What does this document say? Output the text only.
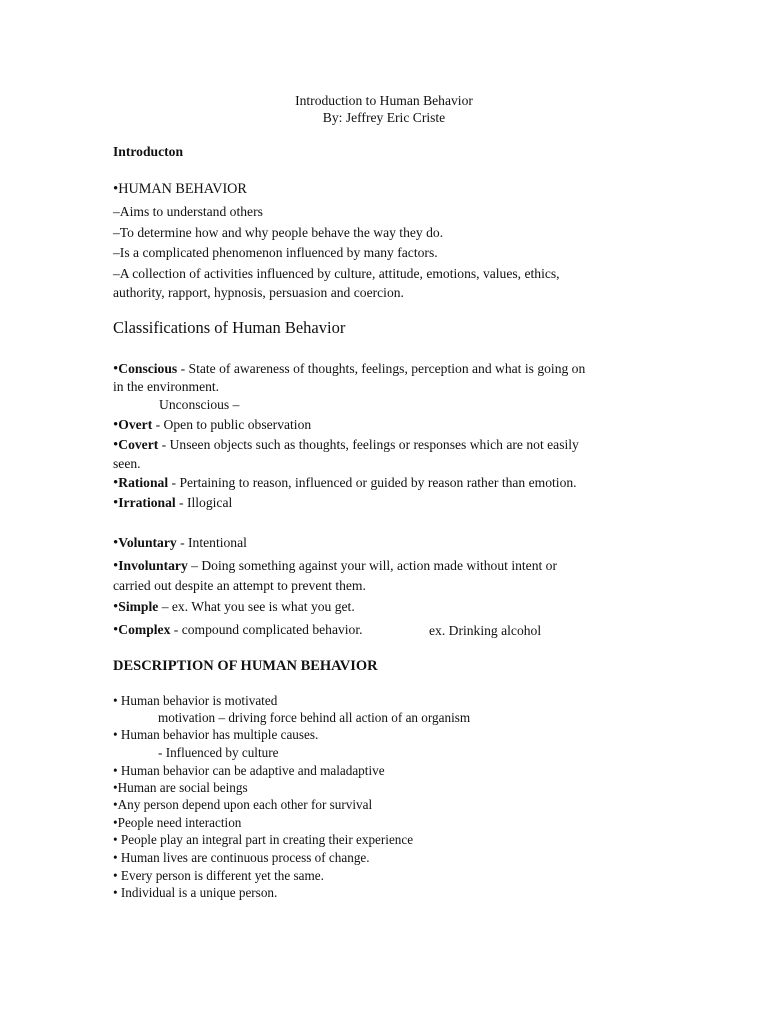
Introduction to Human Behavior
By: Jeffrey Eric Criste
Introducton
•HUMAN BEHAVIOR
–Aims to understand others
–To determine how and why people behave the way they do.
–Is a complicated phenomenon influenced by many factors.
–A collection of activities influenced by culture, attitude, emotions, values, ethics,
authority, rapport, hypnosis, persuasion and coercion.
Classifications of Human Behavior
•Conscious - State of awareness of thoughts, feelings, perception and what is going on
in the environment.
Unconscious –
•Overt - Open to public observation
•Covert - Unseen objects such as thoughts, feelings or responses which are not easily
seen.
•Rational - Pertaining to reason, influenced or guided by reason rather than emotion.
•Irrational - Illogical
•Voluntary - Intentional
•Involuntary – Doing something against your will, action made without intent or
carried out despite an attempt to prevent them.
•Simple – ex. What you see is what you get.
•Complex - compound complicated behavior.	ex. Drinking alcohol
DESCRIPTION OF HUMAN BEHAVIOR
• Human behavior is motivated
motivation – driving force behind all action of an organism
• Human behavior has multiple causes.
- Influenced by culture
• Human behavior can be adaptive and maladaptive
•Human are social beings
•Any person depend upon each other for survival
•People need interaction
• People play an integral part in creating their experience
• Human lives are continuous process of change.
• Every person is different yet the same.
• Individual is a unique person.
